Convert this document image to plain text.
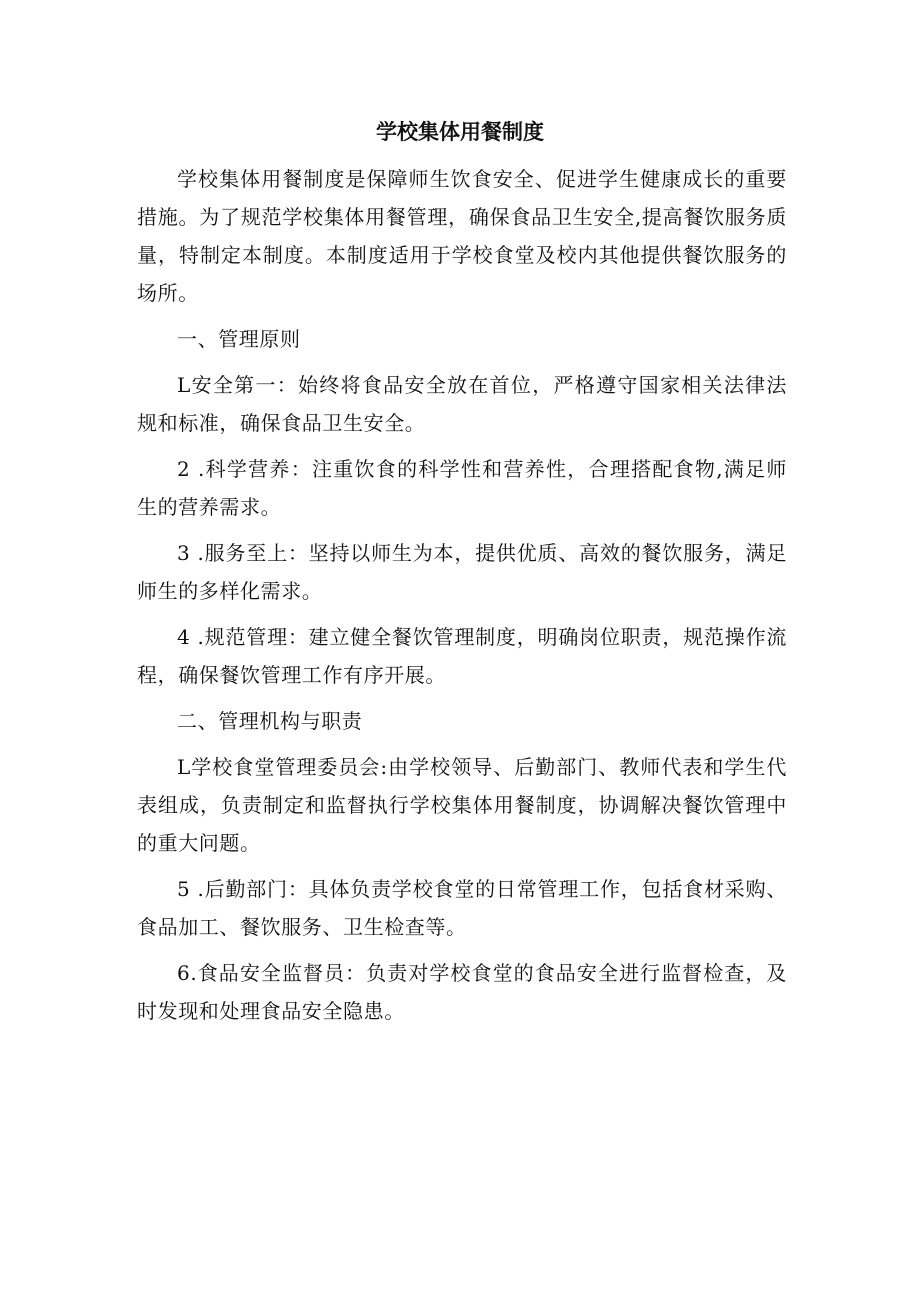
学校集体用餐制度

学校集体用餐制度是保障师生饮食安全、促进学生健康成长的重要措施。为了规范学校集体用餐管理，确保食品卫生安全,提高餐饮服务质量，特制定本制度。本制度适用于学校食堂及校内其他提供餐饮服务的场所。

一、管理原则

L安全第一：始终将食品安全放在首位，严格遵守国家相关法律法规和标准，确保食品卫生安全。

2 .科学营养：注重饮食的科学性和营养性，合理搭配食物,满足师生的营养需求。

3 .服务至上：坚持以师生为本，提供优质、高效的餐饮服务，满足师生的多样化需求。

4 .规范管理：建立健全餐饮管理制度，明确岗位职责，规范操作流程，确保餐饮管理工作有序开展。

二、管理机构与职责

L学校食堂管理委员会:由学校领导、后勤部门、教师代表和学生代表组成，负责制定和监督执行学校集体用餐制度，协调解决餐饮管理中的重大问题。

5 .后勤部门：具体负责学校食堂的日常管理工作，包括食材采购、食品加工、餐饮服务、卫生检查等。

6.食品安全监督员：负责对学校食堂的食品安全进行监督检查，及时发现和处理食品安全隐患。
